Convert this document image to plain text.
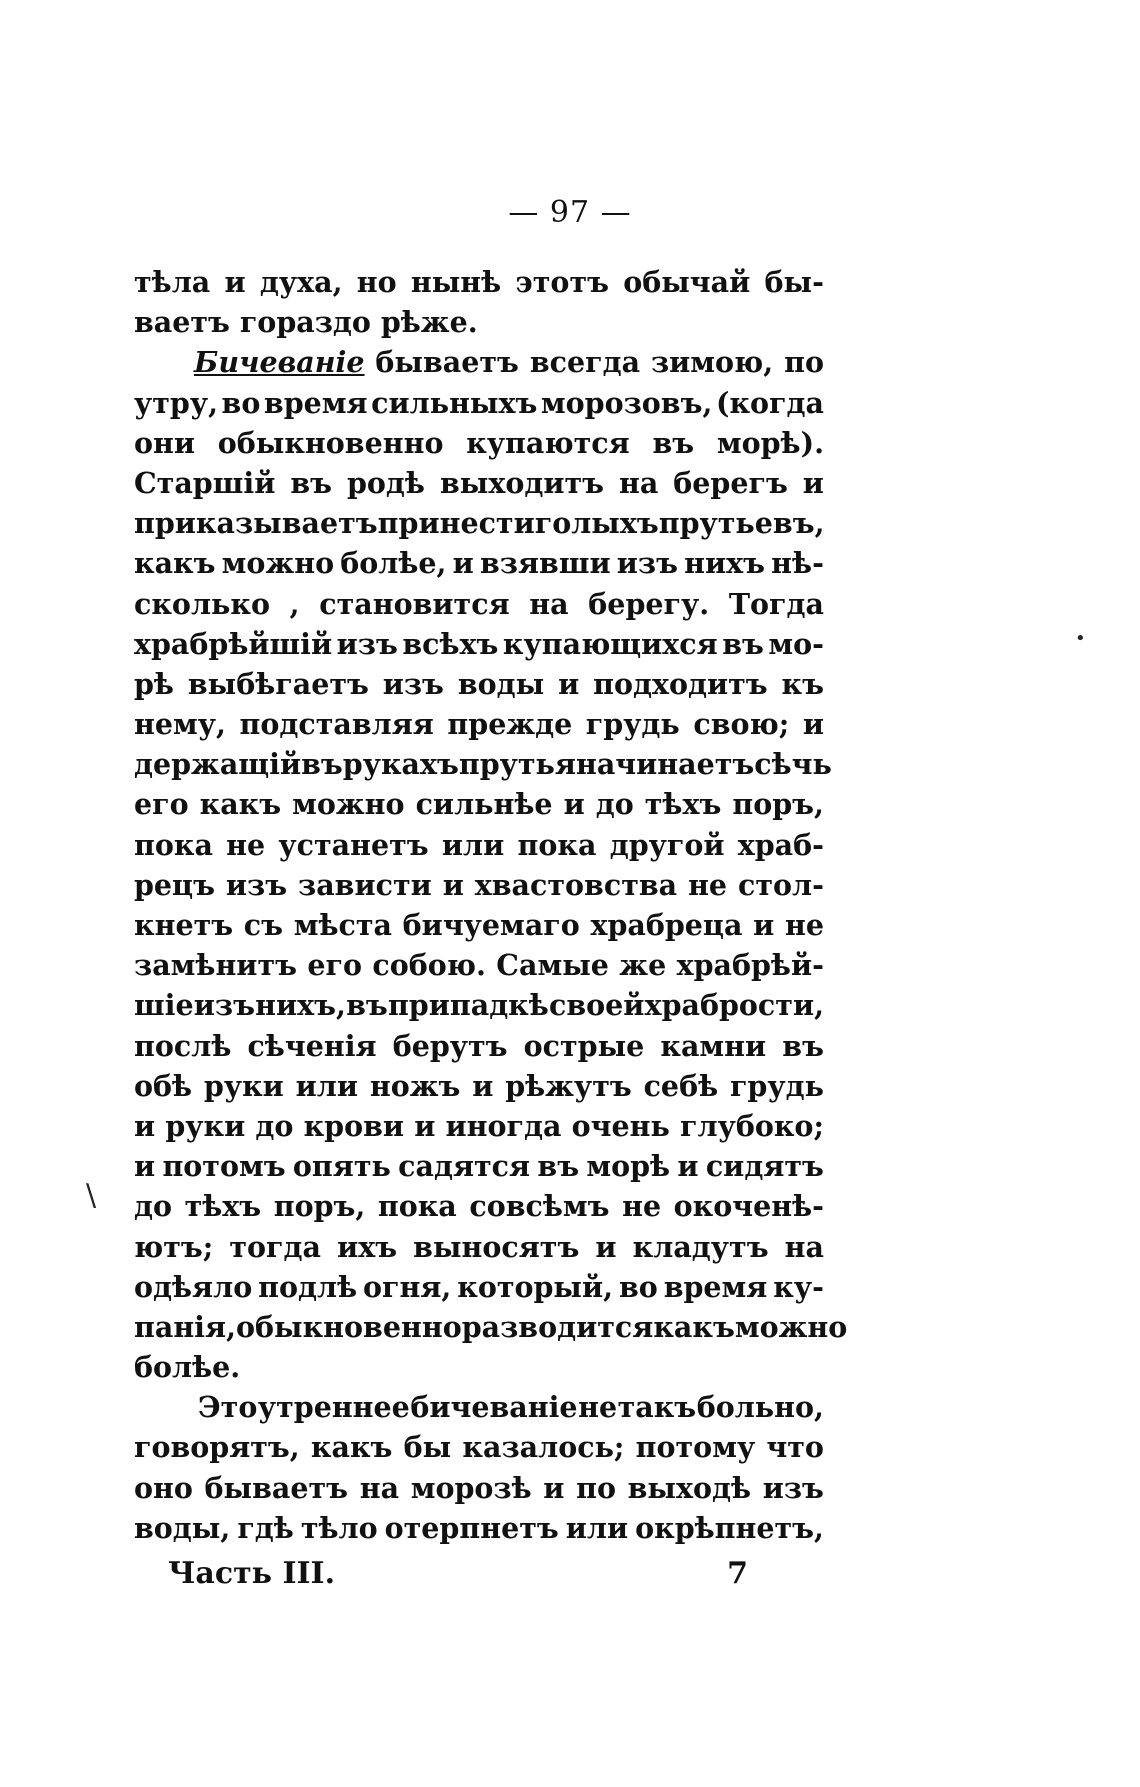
— 97 —
тѣла и духа, но нынѣ этотъ обычай бы-
ваетъ гораздо рѣже.
Бичеваніе бываетъ всегда зимою, по
утру, во время сильныхъ морозовъ, (когда
они обыкновенно купаются въ морѣ).
Старшій въ родѣ выходитъ на берегъ и
приказываетъ принести голыхъ прутьевъ,
какъ можно болѣе, и взявши изъ нихъ нѣ-
сколько , становится на берегу. Тогда
храбрѣйшій изъ всѣхъ купающихся въ мо-
рѣ выбѣгаетъ изъ воды и подходитъ къ
нему, подставляя прежде грудь свою; и
держащій въ рукахъ прутья начинаетъ сѣчь
его какъ можно сильнѣе и до тѣхъ поръ,
пока не устанетъ или пока другой храб-
рецъ изъ зависти и хвастовства не стол-
кнетъ съ мѣста бичуемаго храбреца и не
замѣнитъ его собою. Самые же храбрѣй-
шіе изъ нихъ, въ припадкѣ своей храбрости,
послѣ сѣченія берутъ острые камни въ
обѣ руки или ножъ и рѣжутъ себѣ грудь
и руки до крови и иногда очень глубоко;
и потомъ опять садятся въ морѣ и сидятъ
до тѣхъ поръ, пока совсѣмъ не окоченѣ-
ютъ; тогда ихъ выносятъ и кладутъ на
одѣяло подлѣ огня, который, во время ку-
панія, обыкновенно разводится какъ можно
болѣе.
Это утреннее бичеваніе не такъ больно,
говорятъ, какъ бы казалось; потому что
оно бываетъ на морозѣ и по выходѣ изъ
воды, гдѣ тѣло отерпнетъ или окрѣпнетъ,
Часть III.	7
\
•
